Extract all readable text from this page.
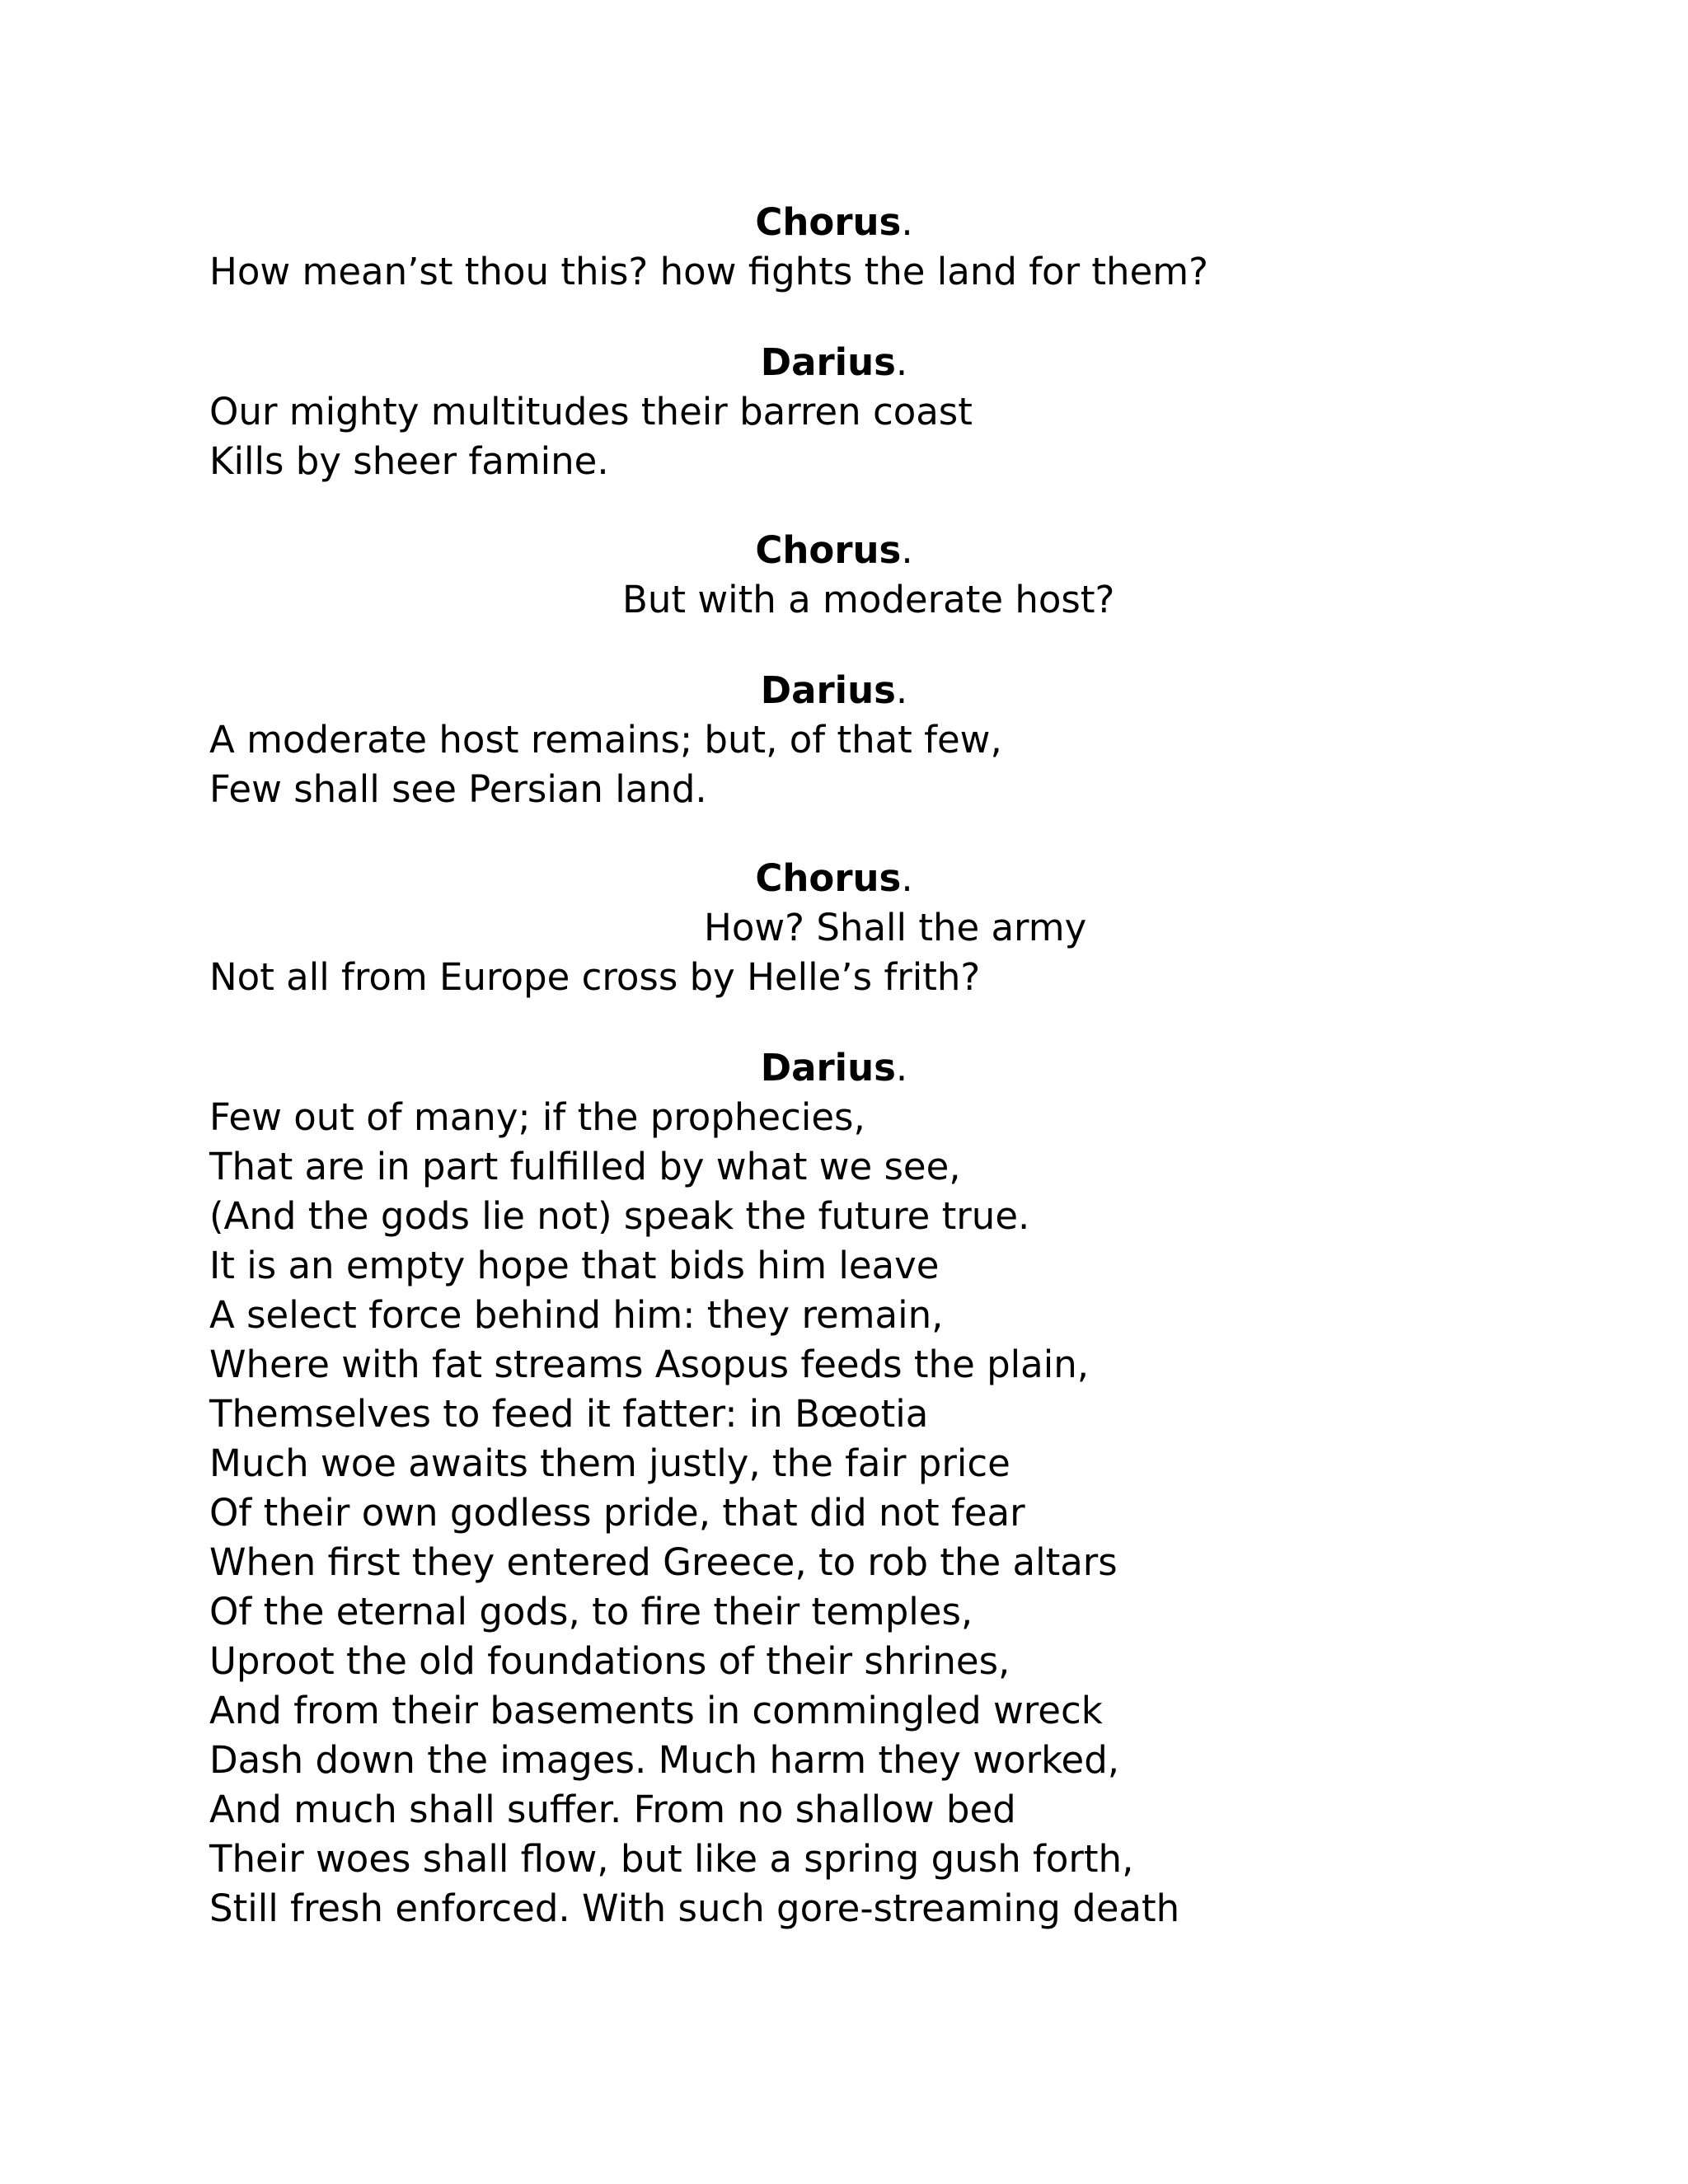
Chorus.
How mean’st thou this? how fights the land for them?
Darius.
Our mighty multitudes their barren coast
Kills by sheer famine.
Chorus.
But with a moderate host?
Darius.
A moderate host remains; but, of that few,
Few shall see Persian land.
Chorus.
How? Shall the army
Not all from Europe cross by Helle’s frith?
Darius.
Few out of many; if the prophecies,
That are in part fulfilled by what we see,
(And the gods lie not) speak the future true.
It is an empty hope that bids him leave
A select force behind him: they remain,
Where with fat streams Asopus feeds the plain,
Themselves to feed it fatter: in Bœotia
Much woe awaits them justly, the fair price
Of their own godless pride, that did not fear
When first they entered Greece, to rob the altars
Of the eternal gods, to fire their temples,
Uproot the old foundations of their shrines,
And from their basements in commingled wreck
Dash down the images. Much harm they worked,
And much shall suffer. From no shallow bed
Their woes shall flow, but like a spring gush forth,
Still fresh enforced. With such gore-streaming death
